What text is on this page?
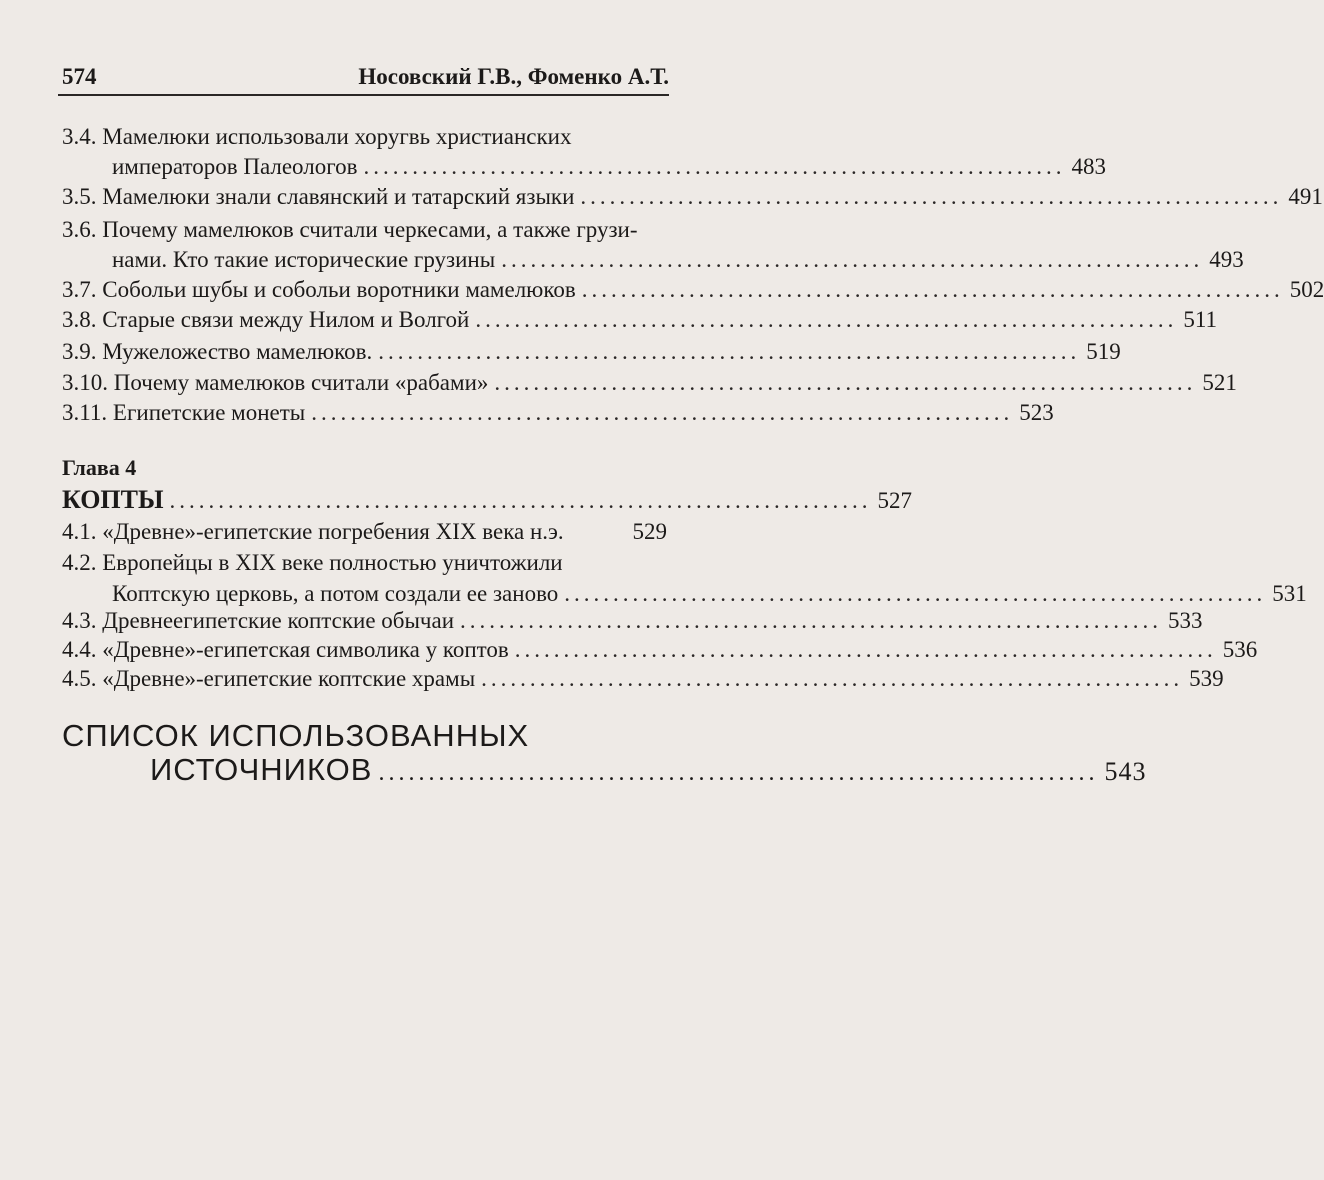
574	Носовский Г.В., Фоменко А.Т.
3.4. Мамелюки использовали хоругвь христианских
императоров Палеологов ........................................................................ 483
3.5. Мамелюки знали славянский и татарский языки ........................................................................ 491
3.6. Почему мамелюков считали черкесами, а также грузи-
нами. Кто такие исторические грузины ........................................................................ 493
3.7. Собольи шубы и собольи воротники мамелюков ........................................................................ 502
3.8. Старые связи между Нилом и Волгой ........................................................................ 511
3.9. Мужеложество мамелюков. ........................................................................ 519
3.10. Почему мамелюков считали «рабами» ........................................................................ 521
3.11. Египетские монеты ........................................................................ 523
Глава 4
КОПТЫ ........................................................................ 527
4.1. «Древне»-египетские погребения XIX века н.э.	529
4.2. Европейцы в XIX веке полностью уничтожили
Коптскую церковь, а потом создали ее заново ........................................................................ 531
4.3. Древнеегипетские коптские обычаи ........................................................................ 533
4.4. «Древне»-египетская символика у коптов ........................................................................ 536
4.5. «Древне»-египетские коптские храмы ........................................................................ 539
СПИСОК ИСПОЛЬЗОВАННЫХ
ИСТОЧНИКОВ ........................................................................ 543
